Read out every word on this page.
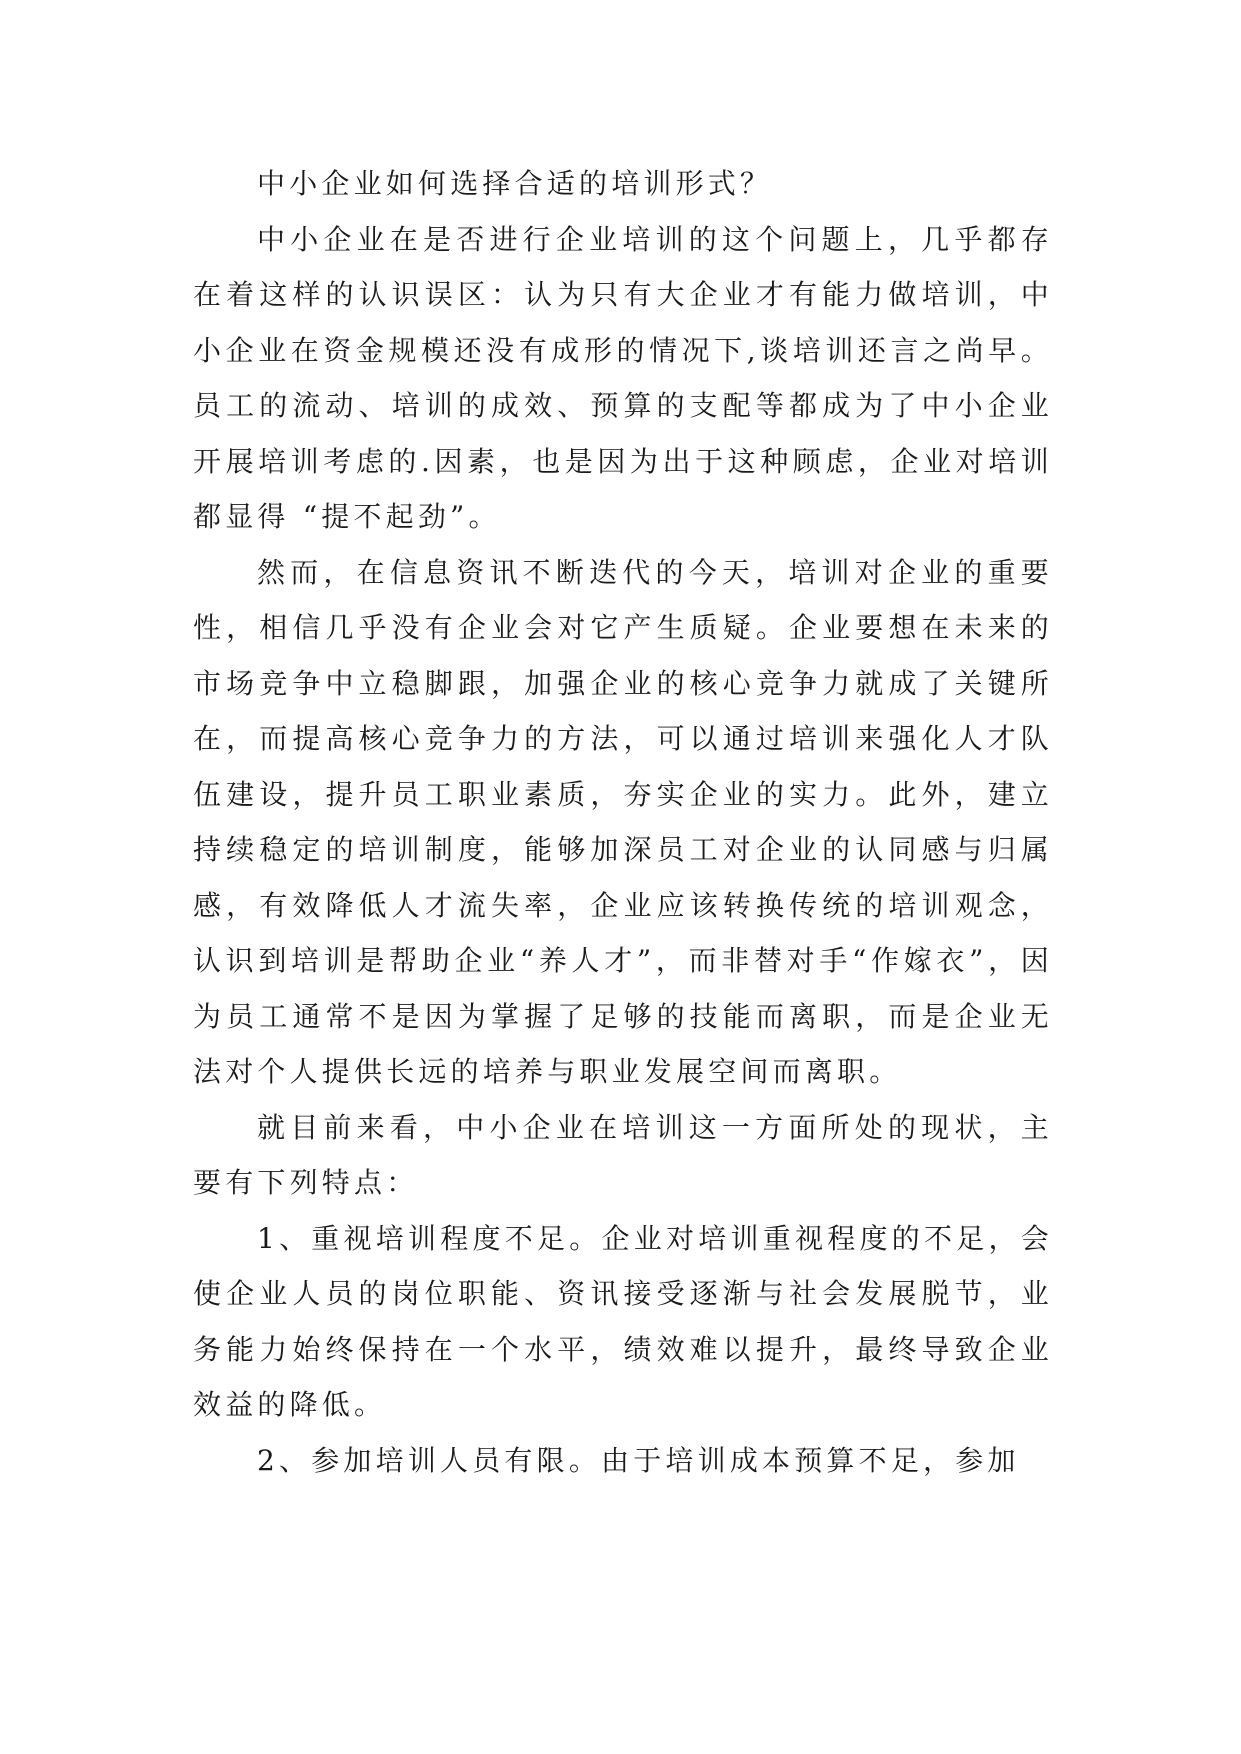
中小企业如何选择合适的培训形式？

中小企业在是否进行企业培训的这个问题上，几乎都存在着这样的认识误区：认为只有大企业才有能力做培训，中小企业在资金规模还没有成形的情况下,谈培训还言之尚早。员工的流动、培训的成效、预算的支配等都成为了中小企业开展培训考虑的.因素，也是因为出于这种顾虑，企业对培训都显得 “提不起劲”。

然而，在信息资讯不断迭代的今天，培训对企业的重要性，相信几乎没有企业会对它产生质疑。企业要想在未来的市场竞争中立稳脚跟，加强企业的核心竞争力就成了关键所在，而提高核心竞争力的方法，可以通过培训来强化人才队伍建设，提升员工职业素质，夯实企业的实力。此外，建立持续稳定的培训制度，能够加深员工对企业的认同感与归属感，有效降低人才流失率，企业应该转换传统的培训观念，认识到培训是帮助企业“养人才”，而非替对手“作嫁衣”，因为员工通常不是因为掌握了足够的技能而离职，而是企业无法对个人提供长远的培养与职业发展空间而离职。

就目前来看，中小企业在培训这一方面所处的现状，主要有下列特点：

1、重视培训程度不足。企业对培训重视程度的不足，会使企业人员的岗位职能、资讯接受逐渐与社会发展脱节，业务能力始终保持在一个水平，绩效难以提升，最终导致企业效益的降低。

2、参加培训人员有限。由于培训成本预算不足，参加
